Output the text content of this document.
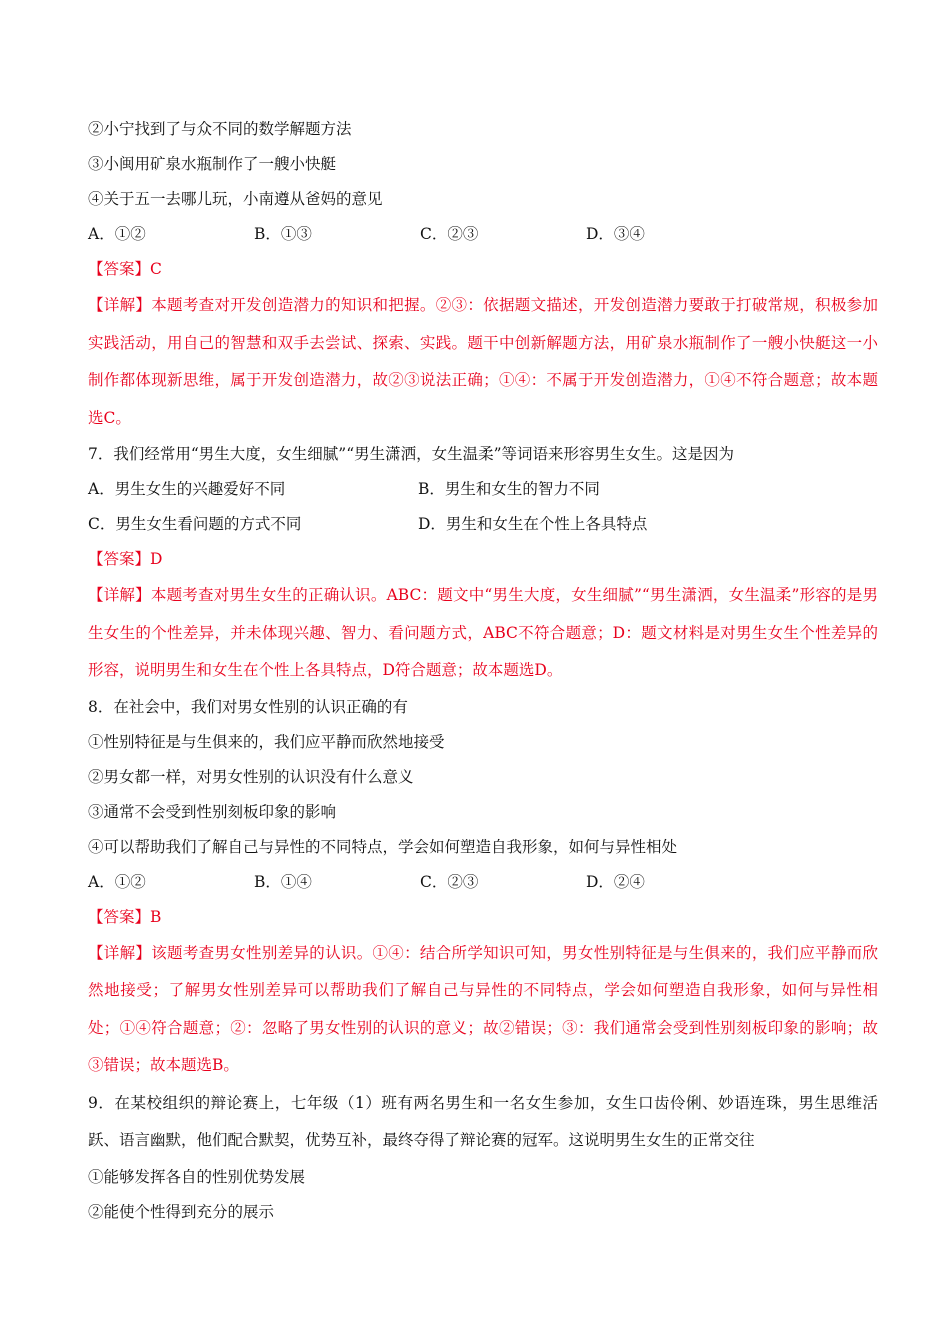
②小宁找到了与众不同的数学解题方法
③小闽用矿泉水瓶制作了一艘小快艇
④关于五一去哪儿玩，小南遵从爸妈的意见
A．①②	B．①③	C．②③	D．③④
【答案】C
【详解】本题考查对开发创造潜力的知识和把握。②③：依据题文描述，开发创造潜力要敢于打破常规，积极参加实践活动，用自己的智慧和双手去尝试、探索、实践。题干中创新解题方法，用矿泉水瓶制作了一艘小快艇这一小制作都体现新思维，属于开发创造潜力，故②③说法正确；①④：不属于开发创造潜力，①④不符合题意；故本题选C。
7．我们经常用“男生大度，女生细腻”“男生潇洒，女生温柔”等词语来形容男生女生。这是因为
A．男生女生的兴趣爱好不同	B．男生和女生的智力不同
C．男生女生看问题的方式不同	D．男生和女生在个性上各具特点
【答案】D
【详解】本题考查对男生女生的正确认识。ABC：题文中“男生大度，女生细腻”“男生潇洒，女生温柔”形容的是男生女生的个性差异，并未体现兴趣、智力、看问题方式，ABC不符合题意；D：题文材料是对男生女生个性差异的形容，说明男生和女生在个性上各具特点，D符合题意；故本题选D。
8．在社会中，我们对男女性别的认识正确的有
①性别特征是与生俱来的，我们应平静而欣然地接受
②男女都一样，对男女性别的认识没有什么意义
③通常不会受到性别刻板印象的影响
④可以帮助我们了解自己与异性的不同特点，学会如何塑造自我形象，如何与异性相处
A．①②	B．①④	C．②③	D．②④
【答案】B
【详解】该题考查男女性别差异的认识。①④：结合所学知识可知，男女性别特征是与生俱来的，我们应平静而欣然地接受；了解男女性别差异可以帮助我们了解自己与异性的不同特点，学会如何塑造自我形象，如何与异性相处；①④符合题意；②：忽略了男女性别的认识的意义；故②错误；③：我们通常会受到性别刻板印象的影响；故③错误；故本题选B。
9．在某校组织的辩论赛上，七年级（1）班有两名男生和一名女生参加，女生口齿伶俐、妙语连珠，男生思维活跃、语言幽默，他们配合默契，优势互补，最终夺得了辩论赛的冠军。这说明男生女生的正常交往
①能够发挥各自的性别优势发展
②能使个性得到充分的展示
